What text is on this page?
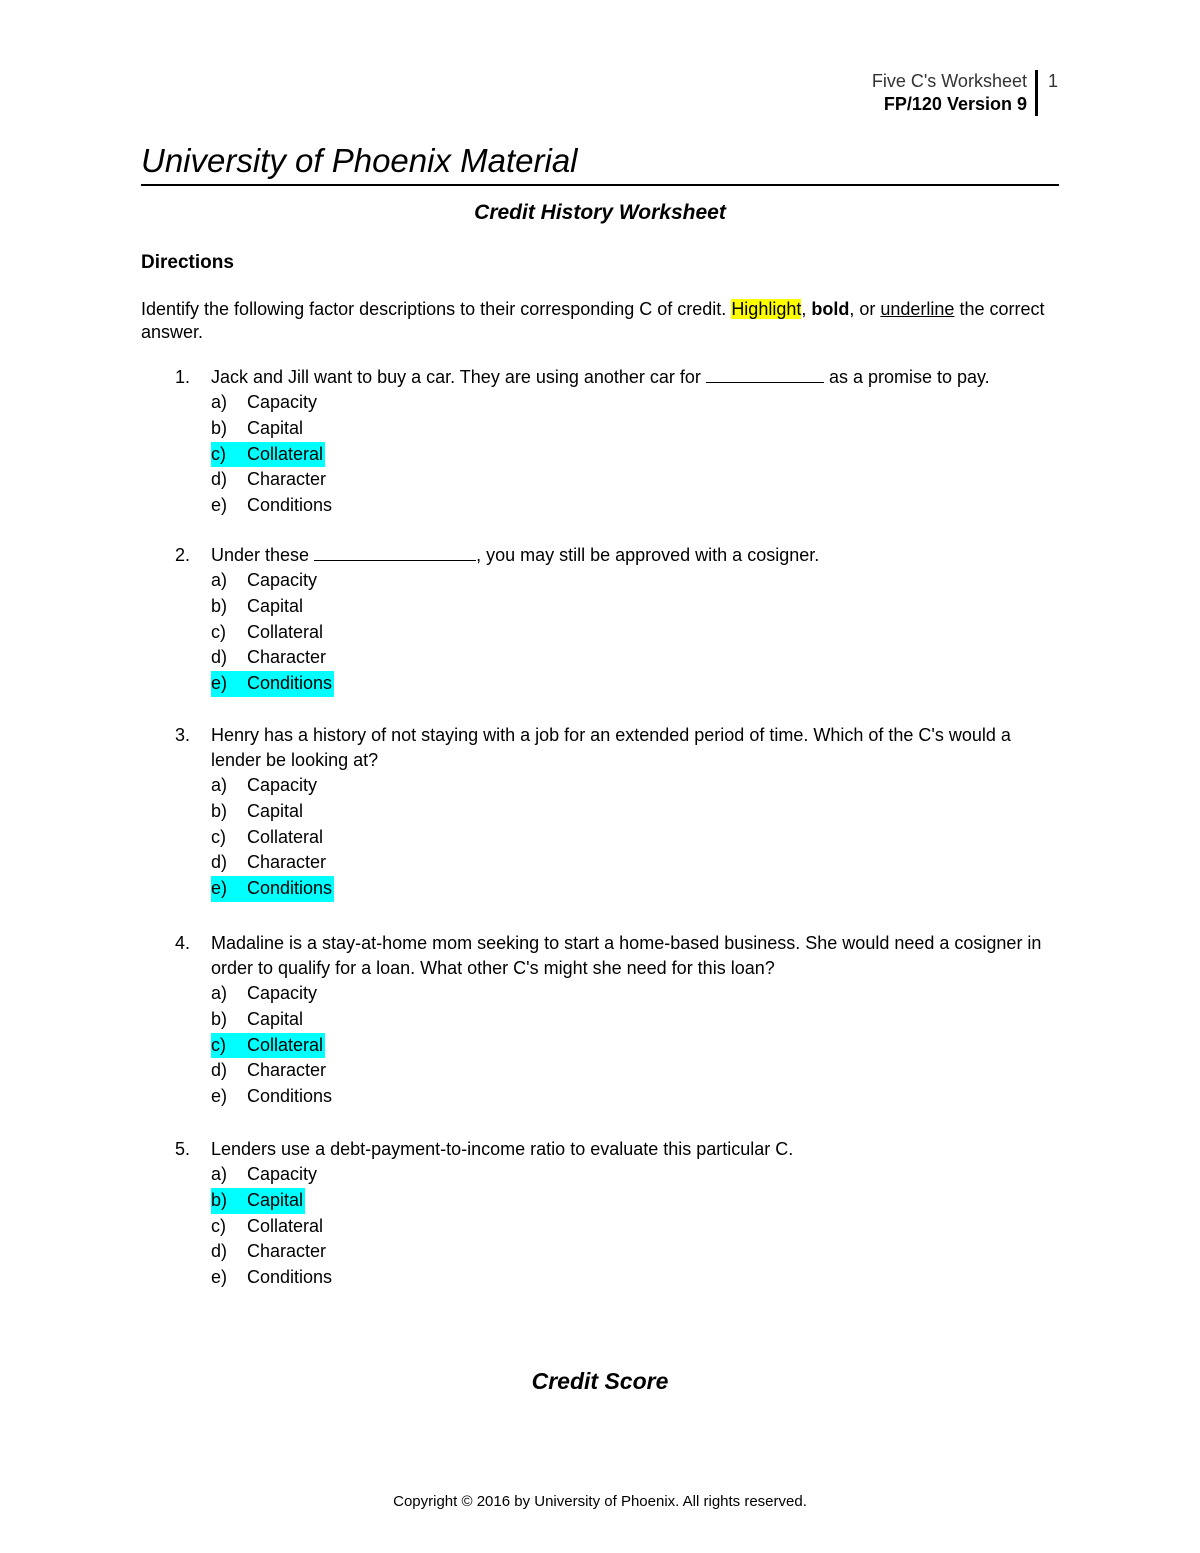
Five C's Worksheet
FP/120 Version 9
1
University of Phoenix Material
Credit History Worksheet
Directions
Identify the following factor descriptions to their corresponding C of credit. Highlight, bold, or underline the correct answer.
1.	Jack and Jill want to buy a car. They are using another car for	as a promise to pay.
a) Capacity
b) Capital
c) Collateral
d) Character
e) Conditions
2.	Under these	, you may still be approved with a cosigner.
a) Capacity
b) Capital
c) Collateral
d) Character
e) Conditions
3.	Henry has a history of not staying with a job for an extended period of time. Which of the C's would a lender be looking at?
a) Capacity
b) Capital
c) Collateral
d) Character
e) Conditions
4.	Madaline is a stay-at-home mom seeking to start a home-based business. She would need a cosigner in order to qualify for a loan. What other C's might she need for this loan?
a) Capacity
b) Capital
c) Collateral
d) Character
e) Conditions
5.	Lenders use a debt-payment-to-income ratio to evaluate this particular C.
a) Capacity
b) Capital
c) Collateral
d) Character
e) Conditions
Credit Score
Copyright © 2016 by University of Phoenix. All rights reserved.
